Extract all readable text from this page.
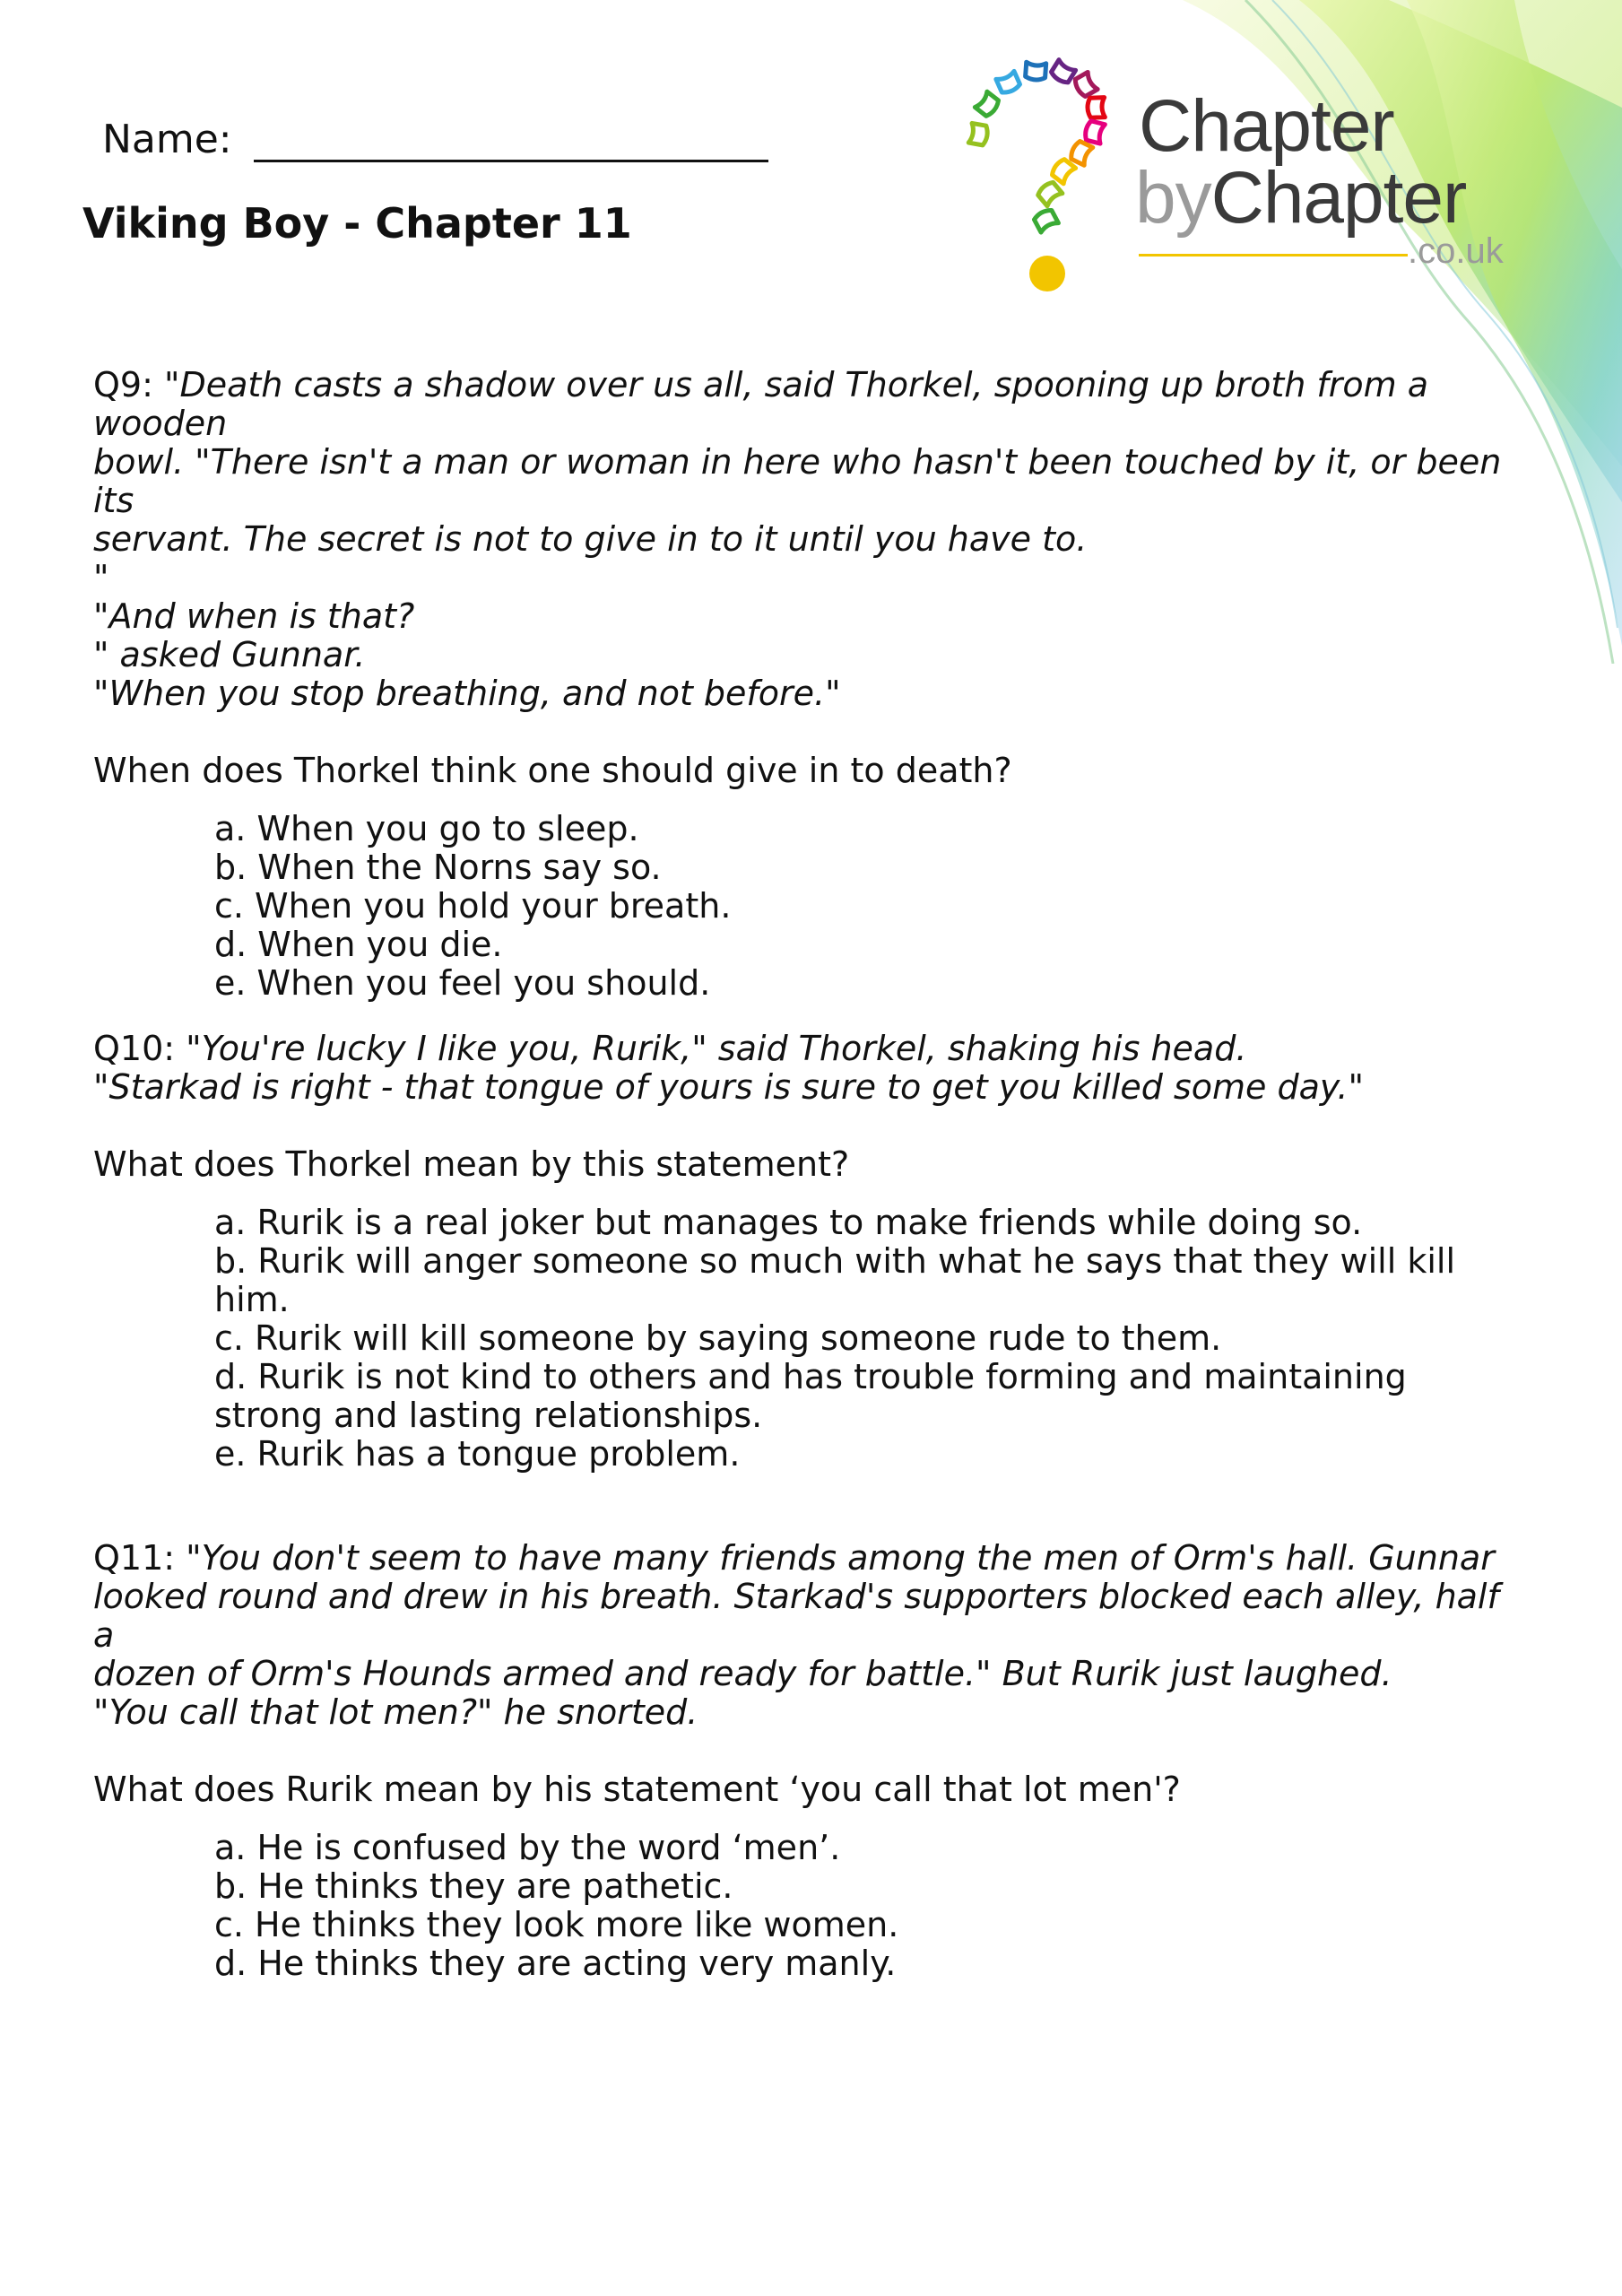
Name:
Viking Boy - Chapter 11
Chapter
byChapter
.co.uk
Q9: "Death casts a shadow over us all, said Thorkel, spooning up broth from a wooden
bowl. "There isn't a man or woman in here who hasn't been touched by it, or been its
servant. The secret is not to give in to it until you have to.
"
"And when is that?
" asked Gunnar.
"When you stop breathing, and not before."
When does Thorkel think one should give in to death?
a. When you go to sleep.
b. When the Norns say so.
c. When you hold your breath.
d. When you die.
e. When you feel you should.
Q10: "You're lucky I like you, Rurik," said Thorkel, shaking his head.
"Starkad is right - that tongue of yours is sure to get you killed some day."
What does Thorkel mean by this statement?
a. Rurik is a real joker but manages to make friends while doing so.
b. Rurik will anger someone so much with what he says that they will kill him.
c. Rurik will kill someone by saying someone rude to them.
d. Rurik is not kind to others and has trouble forming and maintaining strong and lasting relationships.
e. Rurik has a tongue problem.
Q11: "You don't seem to have many friends among the men of Orm's hall. Gunnar
looked round and drew in his breath. Starkad's supporters blocked each alley, half a
dozen of Orm's Hounds armed and ready for battle." But Rurik just laughed.
"You call that lot men?" he snorted.
What does Rurik mean by his statement ‘you call that lot men'?
a. He is confused by the word ‘men’.
b. He thinks they are pathetic.
c. He thinks they look more like women.
d. He thinks they are acting very manly.
